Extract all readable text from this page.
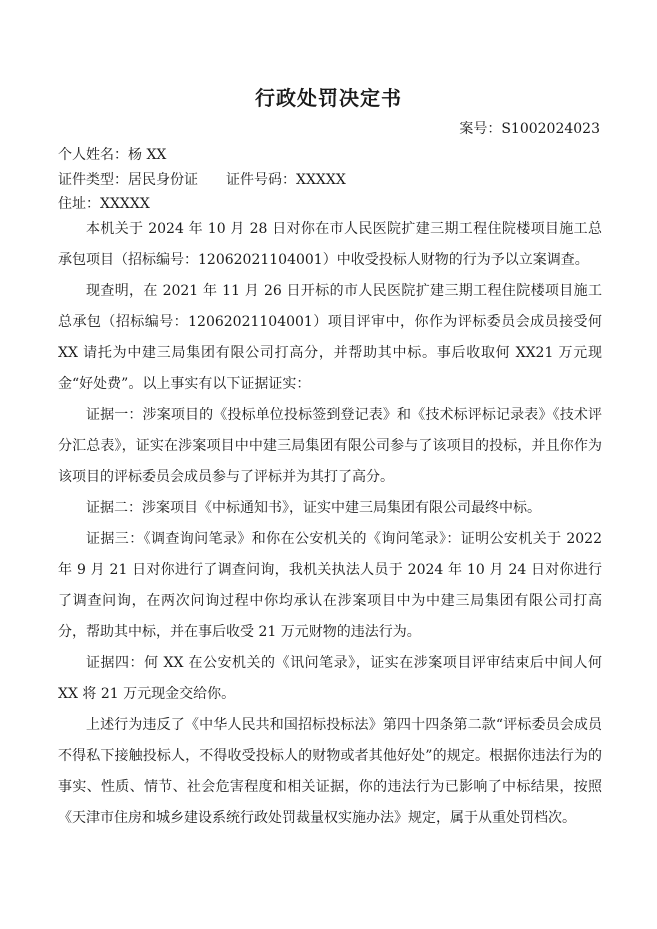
行政处罚决定书
案号：S1002024023
个人姓名：杨 XX
证件类型：居民身份证 证件号码：XXXXX
住址：XXXXX

本机关于 2024 年 10 月 28 日对你在市人民医院扩建三期工程住院楼项目施工总承包项目（招标编号：12062021104001）中收受投标人财物的行为予以立案调查。

现查明，在 2021 年 11 月 26 日开标的市人民医院扩建三期工程住院楼项目施工总承包（招标编号：12062021104001）项目评审中，你作为评标委员会成员接受何 XX 请托为中建三局集团有限公司打高分，并帮助其中标。事后收取何 XX21 万元现金“好处费”。以上事实有以下证据证实：

证据一：涉案项目的《投标单位投标签到登记表》和《技术标评标记录表》《技术评分汇总表》，证实在涉案项目中中建三局集团有限公司参与了该项目的投标，并且你作为该项目的评标委员会成员参与了评标并为其打了高分。

证据二：涉案项目《中标通知书》，证实中建三局集团有限公司最终中标。

证据三：《调查询问笔录》和你在公安机关的《询问笔录》：证明公安机关于 2022 年 9 月 21 日对你进行了调查问询，我机关执法人员于 2024 年 10 月 24 日对你进行了调查问询，在两次问询过程中你均承认在涉案项目中为中建三局集团有限公司打高分，帮助其中标，并在事后收受 21 万元财物的违法行为。

证据四：何 XX 在公安机关的《讯问笔录》，证实在涉案项目评审结束后中间人何 XX 将 21 万元现金交给你。

上述行为违反了《中华人民共和国招标投标法》第四十四条第二款“评标委员会成员不得私下接触投标人，不得收受投标人的财物或者其他好处”的规定。根据你违法行为的事实、性质、情节、社会危害程度和相关证据，你的违法行为已影响了中标结果，按照《天津市住房和城乡建设系统行政处罚裁量权实施办法》规定，属于从重处罚档次。
